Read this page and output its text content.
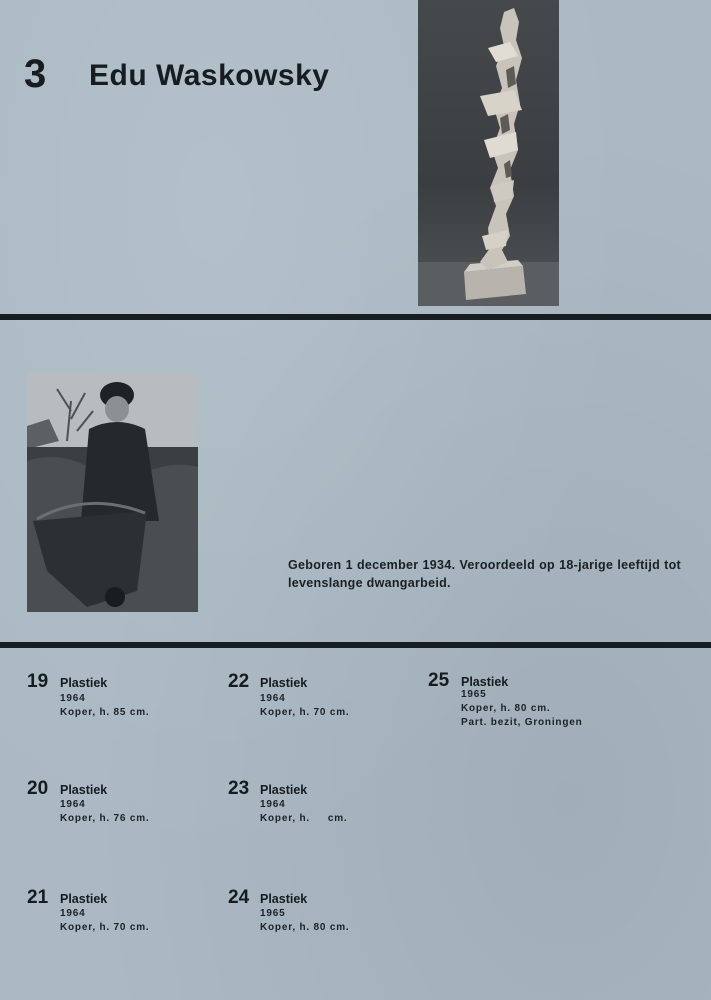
3 Edu Waskowsky
Geboren 1 december 1934. Veroordeeld op 18-jarige leeftijd tot levenslange dwangarbeid.
19 Plastiek
1964
Koper, h. 85 cm.
20 Plastiek
1964
Koper, h. 76 cm.
21 Plastiek
1964
Koper, h. 70 cm.
22 Plastiek
1964
Koper, h. 70 cm.
23 Plastiek
1964
Koper, h.     cm.
24 Plastiek
1965
Koper, h. 80 cm.
25 Plastiek
1965
Koper, h. 80 cm.
Part. bezit, Groningen
